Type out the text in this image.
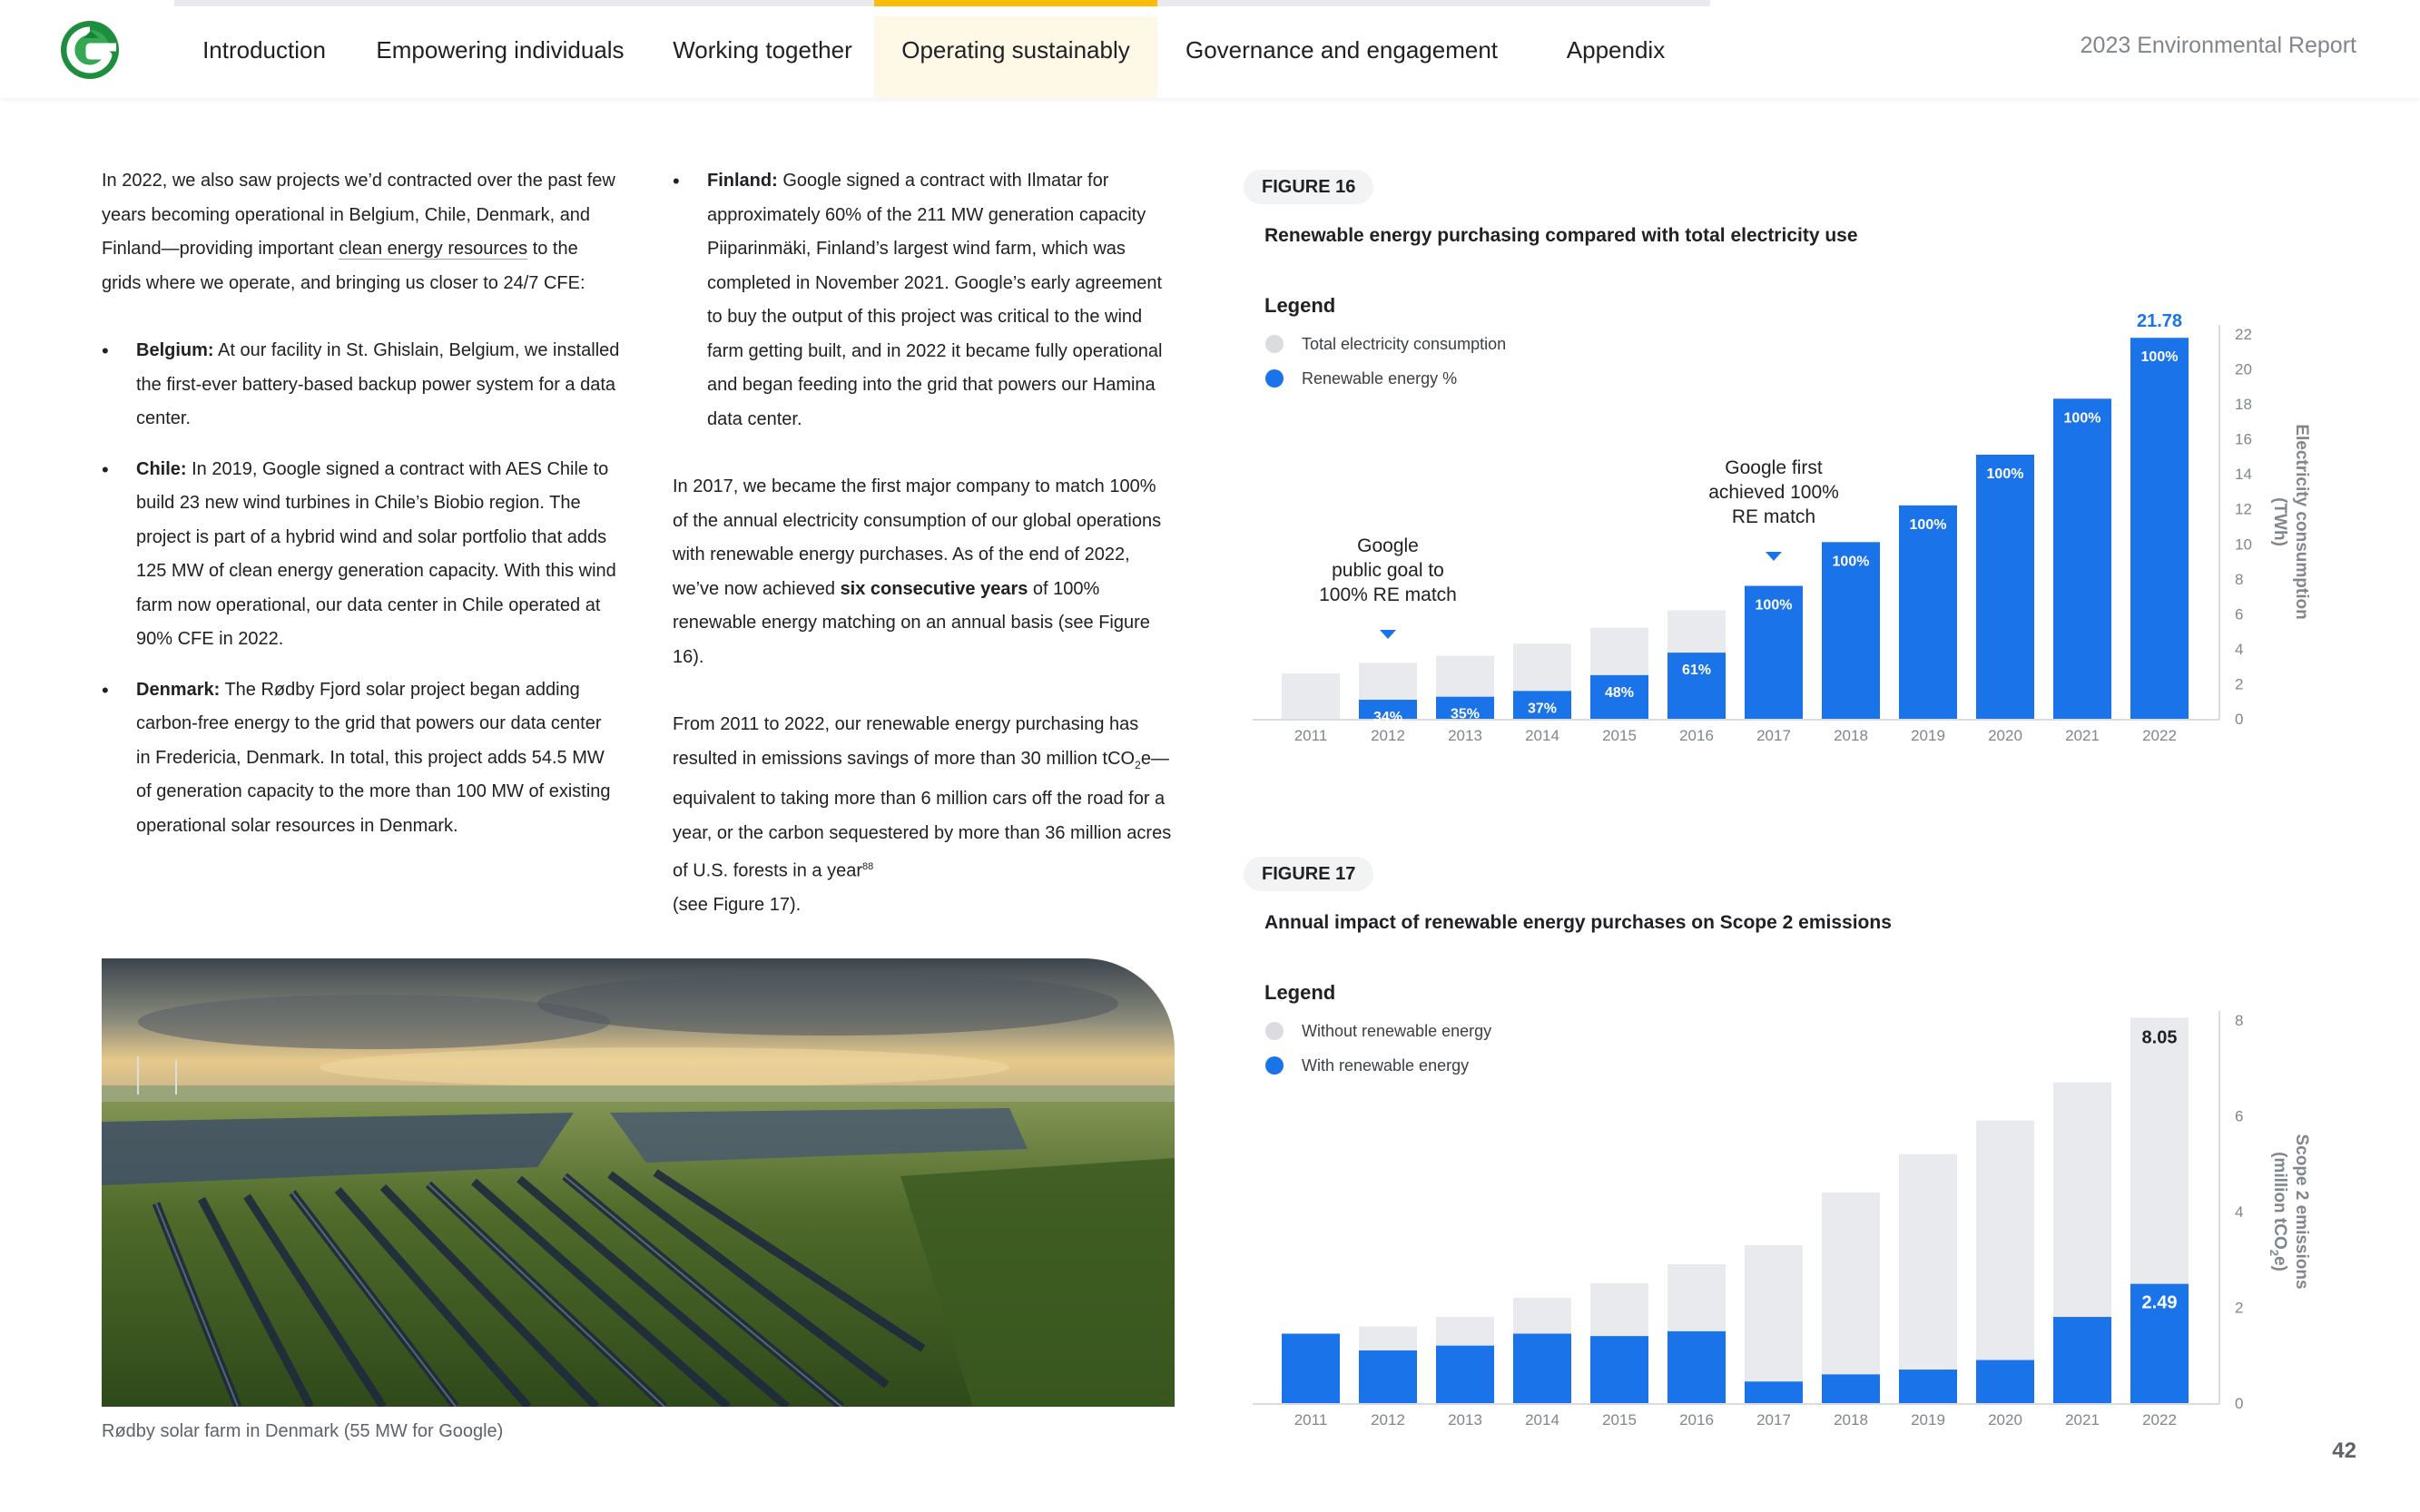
Introduction	Empowering individuals	Working together	Operating sustainably	Governance and engagement	Appendix	2023 Environmental Report

In 2022, we also saw projects we’d contracted over the past few years becoming operational in Belgium, Chile, Denmark, and Finland—providing important clean energy resources to the grids where we operate, and bringing us closer to 24/7 CFE:

• Belgium: At our facility in St. Ghislain, Belgium, we installed the first-ever battery-based backup power system for a data center.

• Chile: In 2019, Google signed a contract with AES Chile to build 23 new wind turbines in Chile’s Biobio region. The project is part of a hybrid wind and solar portfolio that adds 125 MW of clean energy generation capacity. With this wind farm now operational, our data center in Chile operated at 90% CFE in 2022.

• Denmark: The Rødby Fjord solar project began adding carbon-free energy to the grid that powers our data center in Fredericia, Denmark. In total, this project adds 54.5 MW of generation capacity to the more than 100 MW of existing operational solar resources in Denmark.

• Finland: Google signed a contract with Ilmatar for approximately 60% of the 211 MW generation capacity Piiparinmäki, Finland’s largest wind farm, which was completed in November 2021. Google’s early agreement to buy the output of this project was critical to the wind farm getting built, and in 2022 it became fully operational and began feeding into the grid that powers our Hamina data center.

In 2017, we became the first major company to match 100% of the annual electricity consumption of our global operations with renewable energy purchases. As of the end of 2022, we’ve now achieved six consecutive years of 100% renewable energy matching on an annual basis (see Figure 16).

From 2011 to 2022, our renewable energy purchasing has resulted in emissions savings of more than 30 million tCO$_2$e—equivalent to taking more than 6 million cars off the road for a year, or the carbon sequestered by more than 36 million acres of U.S. forests in a year$^{88}$
(see Figure 17).

Rødby solar farm in Denmark (55 MW for Google)
FIGURE 16
Renewable energy purchasing compared with total electricity use
Legend
Total electricity consumption
Renewable energy %
2011
34%
2012
35%
2013
37%
2014
48%
2015
61%
2016
100%
2017
100%
2018
100%
2019
100%
2020
100%
2021
100%
2022
21.78
0
2
4
6
8
10
12
14
16
18
20
22
Electricity consumption(TWh)
Google
public goal to
100% RE match
Google first
achieved 100%
RE match
FIGURE 17
Annual impact of renewable energy purchases on Scope 2 emissions
Legend
Without renewable energy
With renewable energy
2011	2012	2013	2014	2015	2016	2017	2018	2019	2020	2021	2022
8.05
2.49
0
2
4
6
8
Scope 2 emissions(million tCO$_2$e)
42
